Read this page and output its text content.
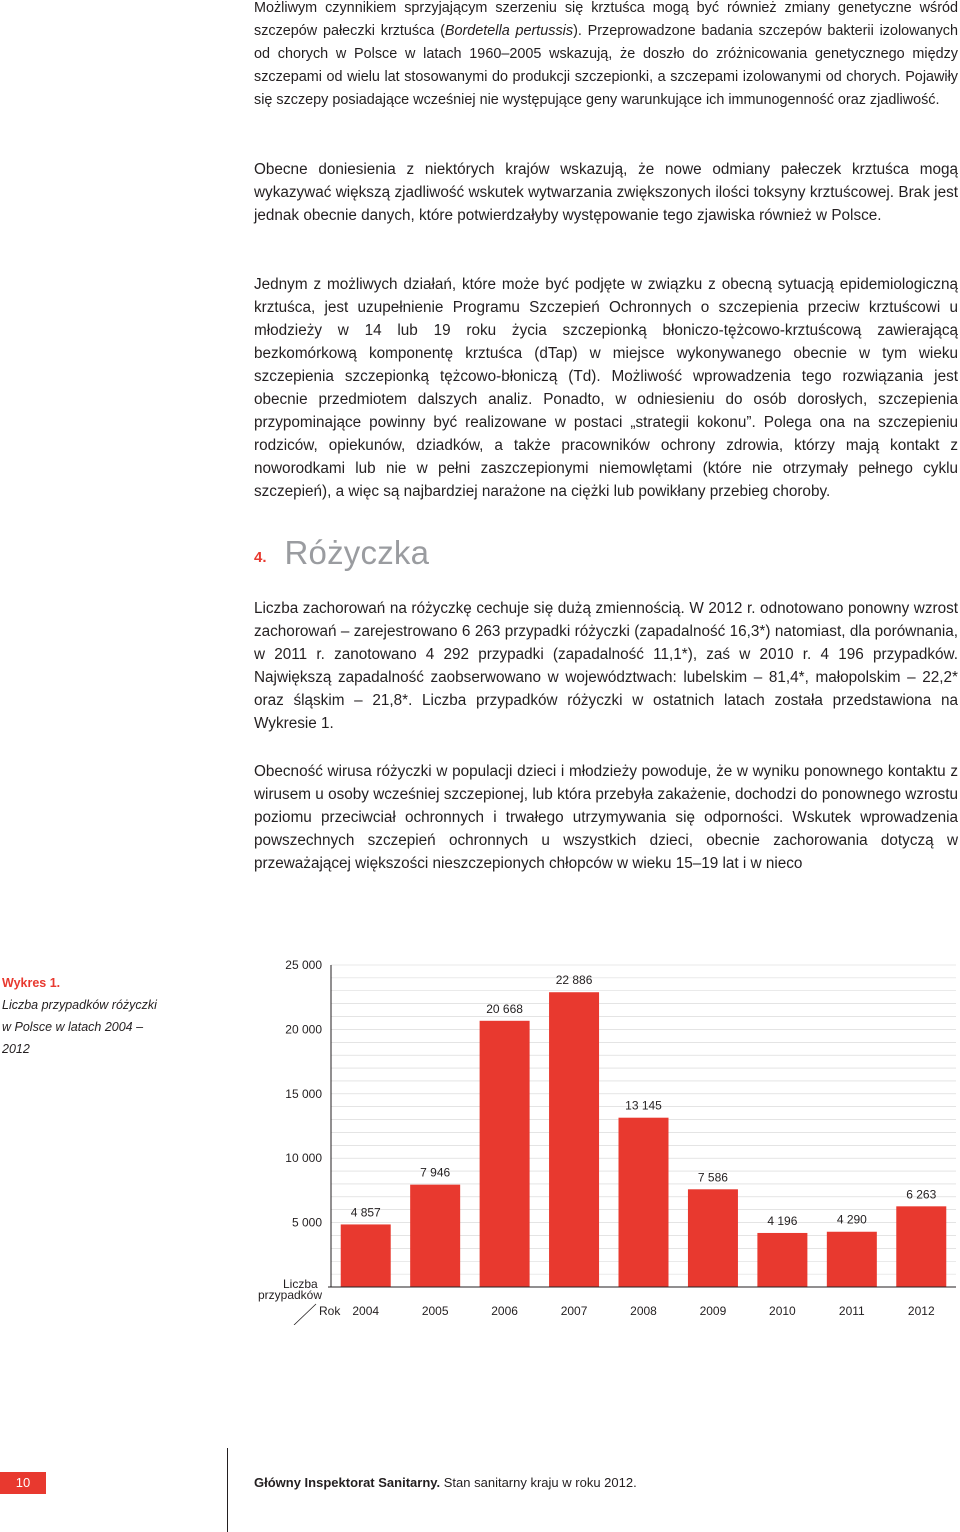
Możliwym czynnikiem sprzyjającym szerzeniu się krztuśca mogą być również zmiany genetyczne wśród szczepów pałeczki krztuśca (Bordetella pertussis). Przeprowadzone badania szczepów bakterii izolowanych od chorych w Polsce w latach 1960–2005 wskazują, że doszło do zróżnicowania genetycznego między szczepami od wielu lat stosowanymi do produkcji szczepionki, a szczepami izolowanymi od chorych. Pojawiły się szczepy posiadające wcześniej nie występujące geny warunkujące ich immunogenność oraz zjadliwość.

Obecne doniesienia z niektórych krajów wskazują, że nowe odmiany pałeczek krztuśca mogą wykazywać większą zjadliwość wskutek wytwarzania zwiększonych ilości toksyny krztuścowej. Brak jest jednak obecnie danych, które potwierdzałyby występowanie tego zjawiska również w Polsce.

Jednym z możliwych działań, które może być podjęte w związku z obecną sytuacją epidemiologiczną krztuśca, jest uzupełnienie Programu Szczepień Ochronnych o szczepienia przeciw krztuścowi u młodzieży w 14 lub 19 roku życia szczepionką błoniczo-tężcowo-krztuścową zawierającą bezkomórkową komponentę krztuśca (dTap) w miejsce wykonywanego obecnie w tym wieku szczepienia szczepionką tężcowo-błoniczą (Td). Możliwość wprowadzenia tego rozwiązania jest obecnie przedmiotem dalszych analiz. Ponadto, w odniesieniu do osób dorosłych, szczepienia przypominające powinny być realizowane w postaci „strategii kokonu”. Polega ona na szczepieniu rodziców, opiekunów, dziadków, a także pracowników ochrony zdrowia, którzy mają kontakt z noworodkami lub nie w pełni zaszczepionymi niemowlętami (które nie otrzymały pełnego cyklu szczepień), a więc są najbardziej narażone na ciężki lub powikłany przebieg choroby.

4. Różyczka

Liczba zachorowań na różyczkę cechuje się dużą zmiennością. W 2012 r. odnotowano ponowny wzrost zachorowań – zarejestrowano 6 263 przypadki różyczki (zapadalność 16,3*) natomiast, dla porównania, w 2011 r. zanotowano 4 292 przypadki (zapadalność 11,1*), zaś w 2010 r. 4 196 przypadków. Największą zapadalność zaobserwowano w województwach: lubelskim – 81,4*, małopolskim – 22,2* oraz śląskim – 21,8*. Liczba przypadków różyczki w ostatnich latach została przedstawiona na Wykresie 1.

Obecność wirusa różyczki w populacji dzieci i młodzieży powoduje, że w wyniku ponownego kontaktu z wirusem u osoby wcześniej szczepionej, lub która przebyła zakażenie, dochodzi do ponownego wzrostu poziomu przeciwciał ochronnych i trwałego utrzymywania się odporności. Wskutek wprowadzenia powszechnych szczepień ochronnych u wszystkich dzieci, obecnie zachorowania dotyczą w przeważającej większości nieszczepionych chłopców w wieku 15–19 lat i w nieco

Wykres 1.
Liczba przypadków różyczki w Polsce w latach 2004 – 2012
5 000
10 000
15 000
20 000
25 000
2004	2005	2006	2007	2008	2009	2010	2011	2012
4 857
7 946
20 668
22 886
13 145
7 586
4 196	4 290
6 263
Liczba przypadków
Rok
10	Główny Inspektorat Sanitarny. Stan sanitarny kraju w roku 2012.
